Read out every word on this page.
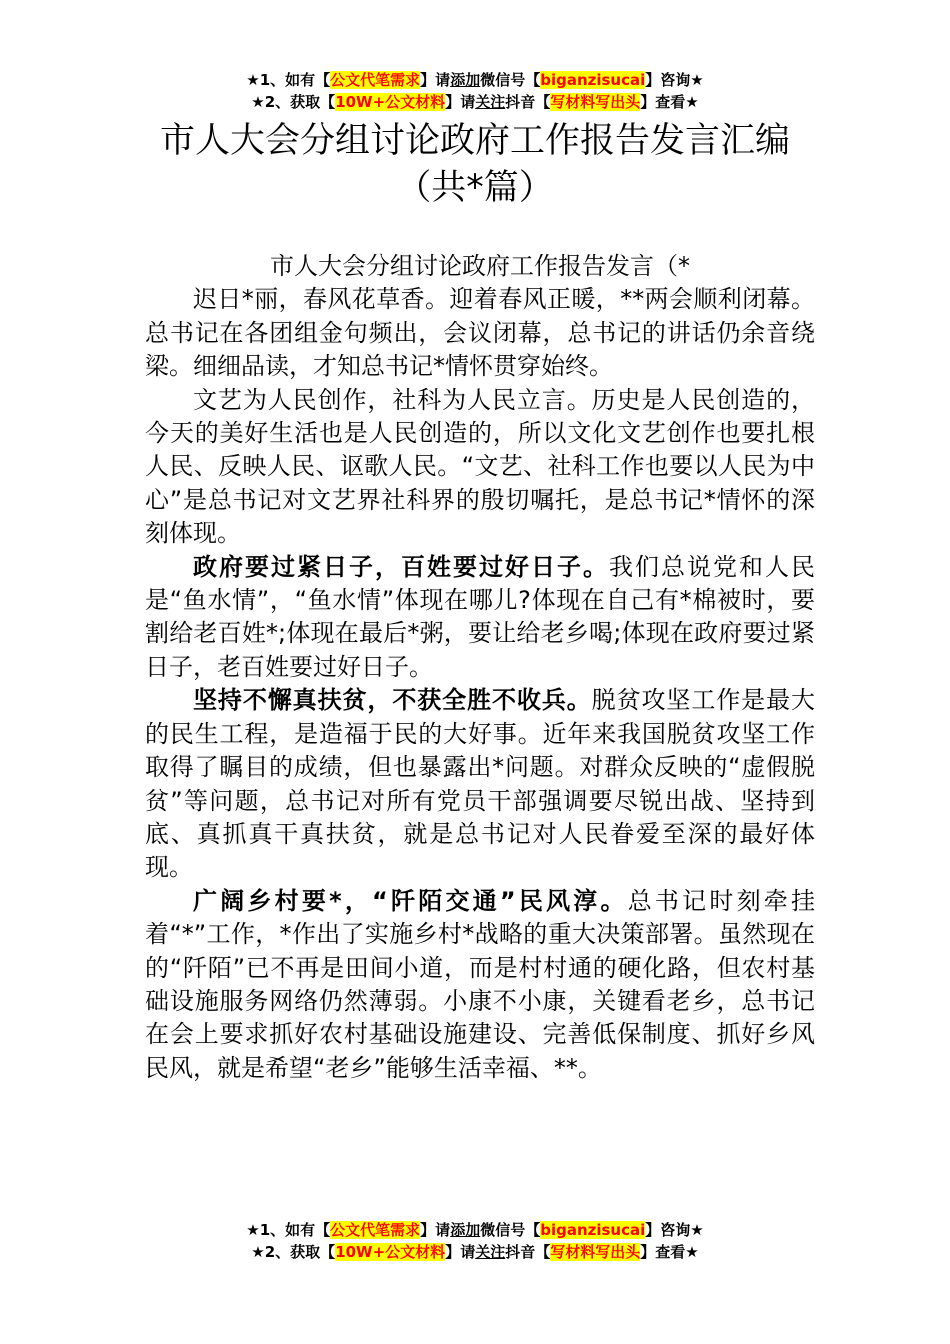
★1、如有【公文代笔需求】请添加微信号【biganzisucai】咨询★
★2、获取【10W+公文材料】请关注抖音【写材料写出头】查看★
市人大会分组讨论政府工作报告发言汇编
（共*篇）
市人大会分组讨论政府工作报告发言（*

迟日*丽，春风花草香。迎着春风正暖，**两会顺利闭幕。总书记在各团组金句频出，会议闭幕，总书记的讲话仍余音绕梁。细细品读，才知总书记*情怀贯穿始终。

文艺为人民创作，社科为人民立言。历史是人民创造的，今天的美好生活也是人民创造的，所以文化文艺创作也要扎根人民、反映人民、讴歌人民。“文艺、社科工作也要以人民为中心”是总书记对文艺界社科界的殷切嘱托，是总书记*情怀的深刻体现。

政府要过紧日子，百姓要过好日子。我们总说党和人民是“鱼水情”，“鱼水情”体现在哪儿?体现在自己有*棉被时，要割给老百姓*;体现在最后*粥，要让给老乡喝;体现在政府要过紧日子，老百姓要过好日子。

坚持不懈真扶贫，不获全胜不收兵。脱贫攻坚工作是最大的民生工程，是造福于民的大好事。近年来我国脱贫攻坚工作取得了瞩目的成绩，但也暴露出*问题。对群众反映的“虚假脱贫”等问题，总书记对所有党员干部强调要尽锐出战、坚持到底、真抓真干真扶贫，就是总书记对人民眷爱至深的最好体现。

广阔乡村要*，“阡陌交通”民风淳。总书记时刻牵挂着“*”工作，*作出了实施乡村*战略的重大决策部署。虽然现在的“阡陌”已不再是田间小道，而是村村通的硬化路，但农村基础设施服务网络仍然薄弱。小康不小康，关键看老乡，总书记在会上要求抓好农村基础设施建设、完善低保制度、抓好乡风民风，就是希望“老乡”能够生活幸福、**。

★1、如有【公文代笔需求】请添加微信号【biganzisucai】咨询★
★2、获取【10W+公文材料】请关注抖音【写材料写出头】查看★
